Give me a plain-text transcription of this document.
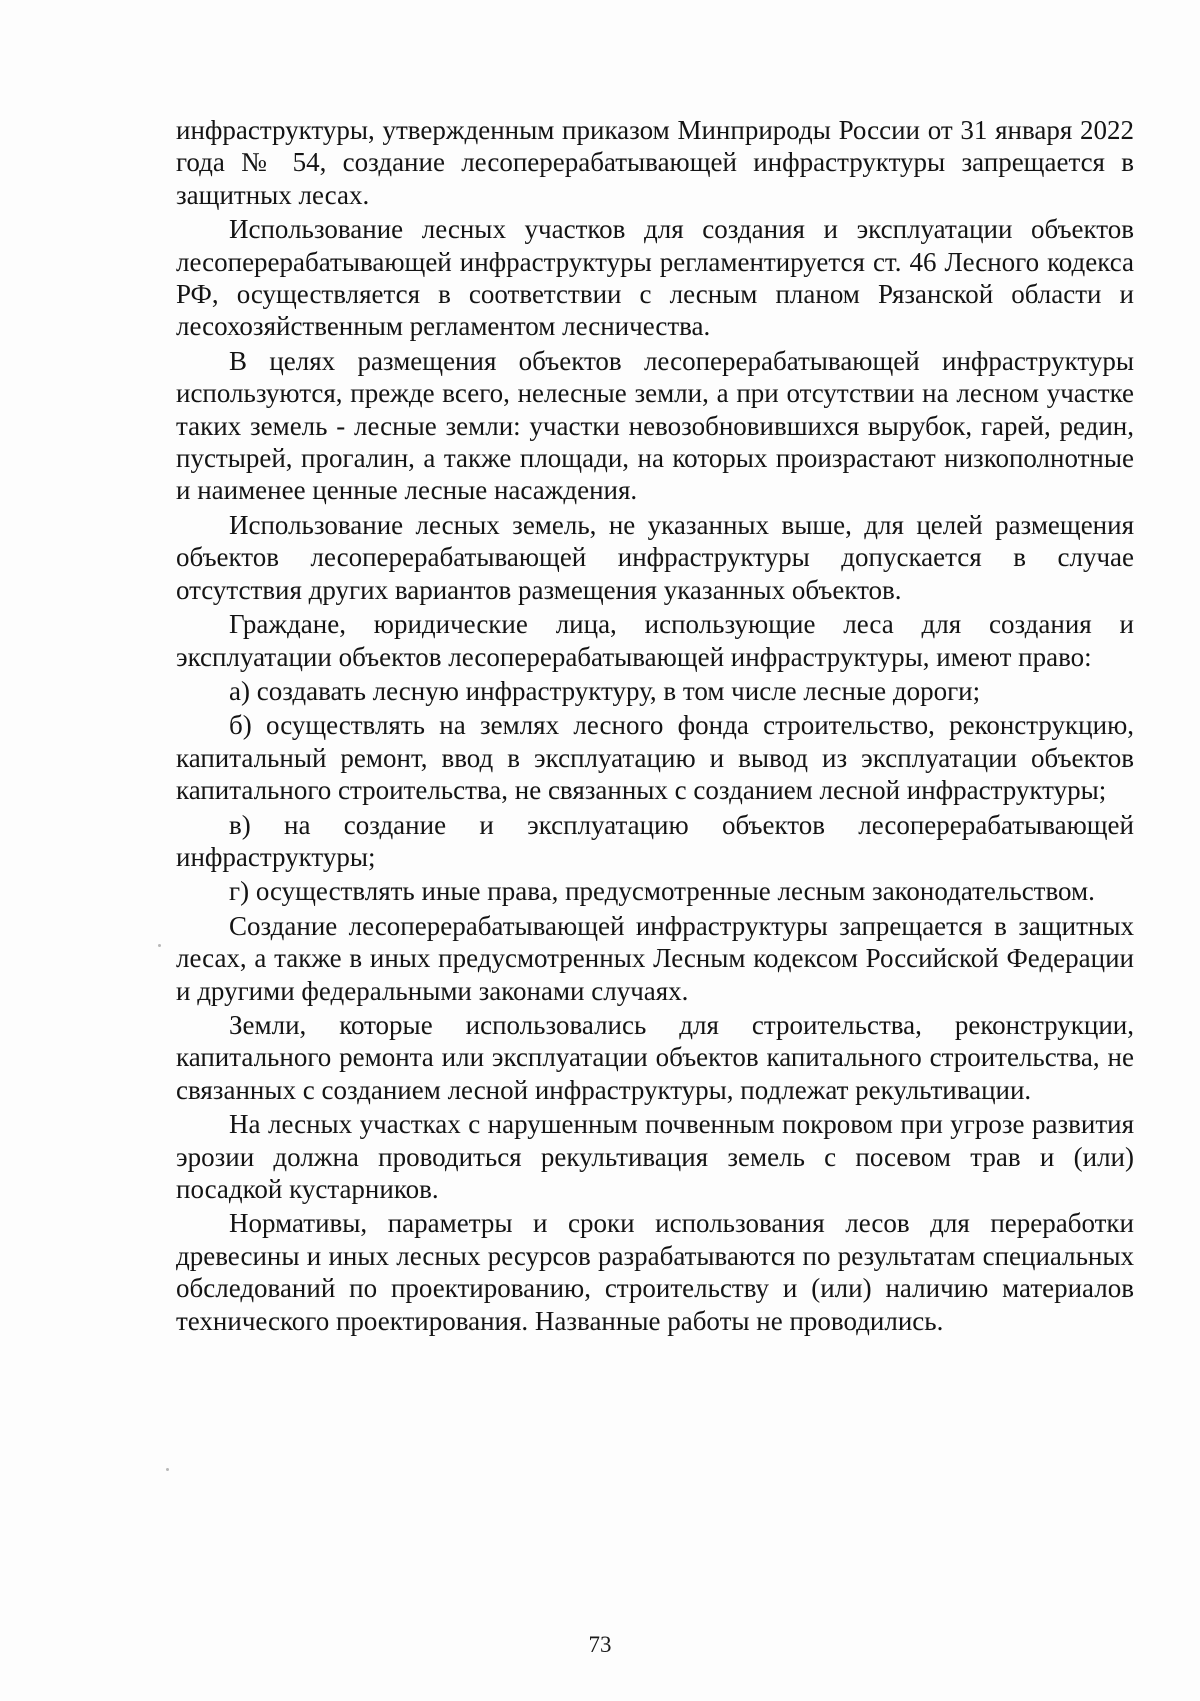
инфраструктуры, утвержденным приказом Минприроды России от 31 января 2022 года № 54, создание лесоперерабатывающей инфраструктуры запрещается в защитных лесах.

Использование лесных участков для создания и эксплуатации объектов лесоперерабатывающей инфраструктуры регламентируется ст. 46 Лесного кодекса РФ, осуществляется в соответствии с лесным планом Рязанской области и лесохозяйственным регламентом лесничества.

В целях размещения объектов лесоперерабатывающей инфраструктуры используются, прежде всего, нелесные земли, а при отсутствии на лесном участке таких земель - лесные земли: участки невозобновившихся вырубок, гарей, редин, пустырей, прогалин, а также площади, на которых произрастают низкополнотные и наименее ценные лесные насаждения.

Использование лесных земель, не указанных выше, для целей размещения объектов лесоперерабатывающей инфраструктуры допускается в случае отсутствия других вариантов размещения указанных объектов.

Граждане, юридические лица, использующие леса для создания и эксплуатации объектов лесоперерабатывающей инфраструктуры, имеют право:

а) создавать лесную инфраструктуру, в том числе лесные дороги;

б) осуществлять на землях лесного фонда строительство, реконструкцию, капитальный ремонт, ввод в эксплуатацию и вывод из эксплуатации объектов капитального строительства, не связанных с созданием лесной инфраструктуры;

в) на создание и эксплуатацию объектов лесоперерабатывающей инфраструктуры;

г) осуществлять иные права, предусмотренные лесным законодательством.

Создание лесоперерабатывающей инфраструктуры запрещается в защитных лесах, а также в иных предусмотренных Лесным кодексом Российской Федерации и другими федеральными законами случаях.

Земли, которые использовались для строительства, реконструкции, капитального ремонта или эксплуатации объектов капитального строительства, не связанных с созданием лесной инфраструктуры, подлежат рекультивации.

На лесных участках с нарушенным почвенным покровом при угрозе развития эрозии должна проводиться рекультивация земель с посевом трав и (или) посадкой кустарников.

Нормативы, параметры и сроки использования лесов для переработки древесины и иных лесных ресурсов разрабатываются по результатам специальных обследований по проектированию, строительству и (или) наличию материалов технического проектирования. Названные работы не проводились.

73
